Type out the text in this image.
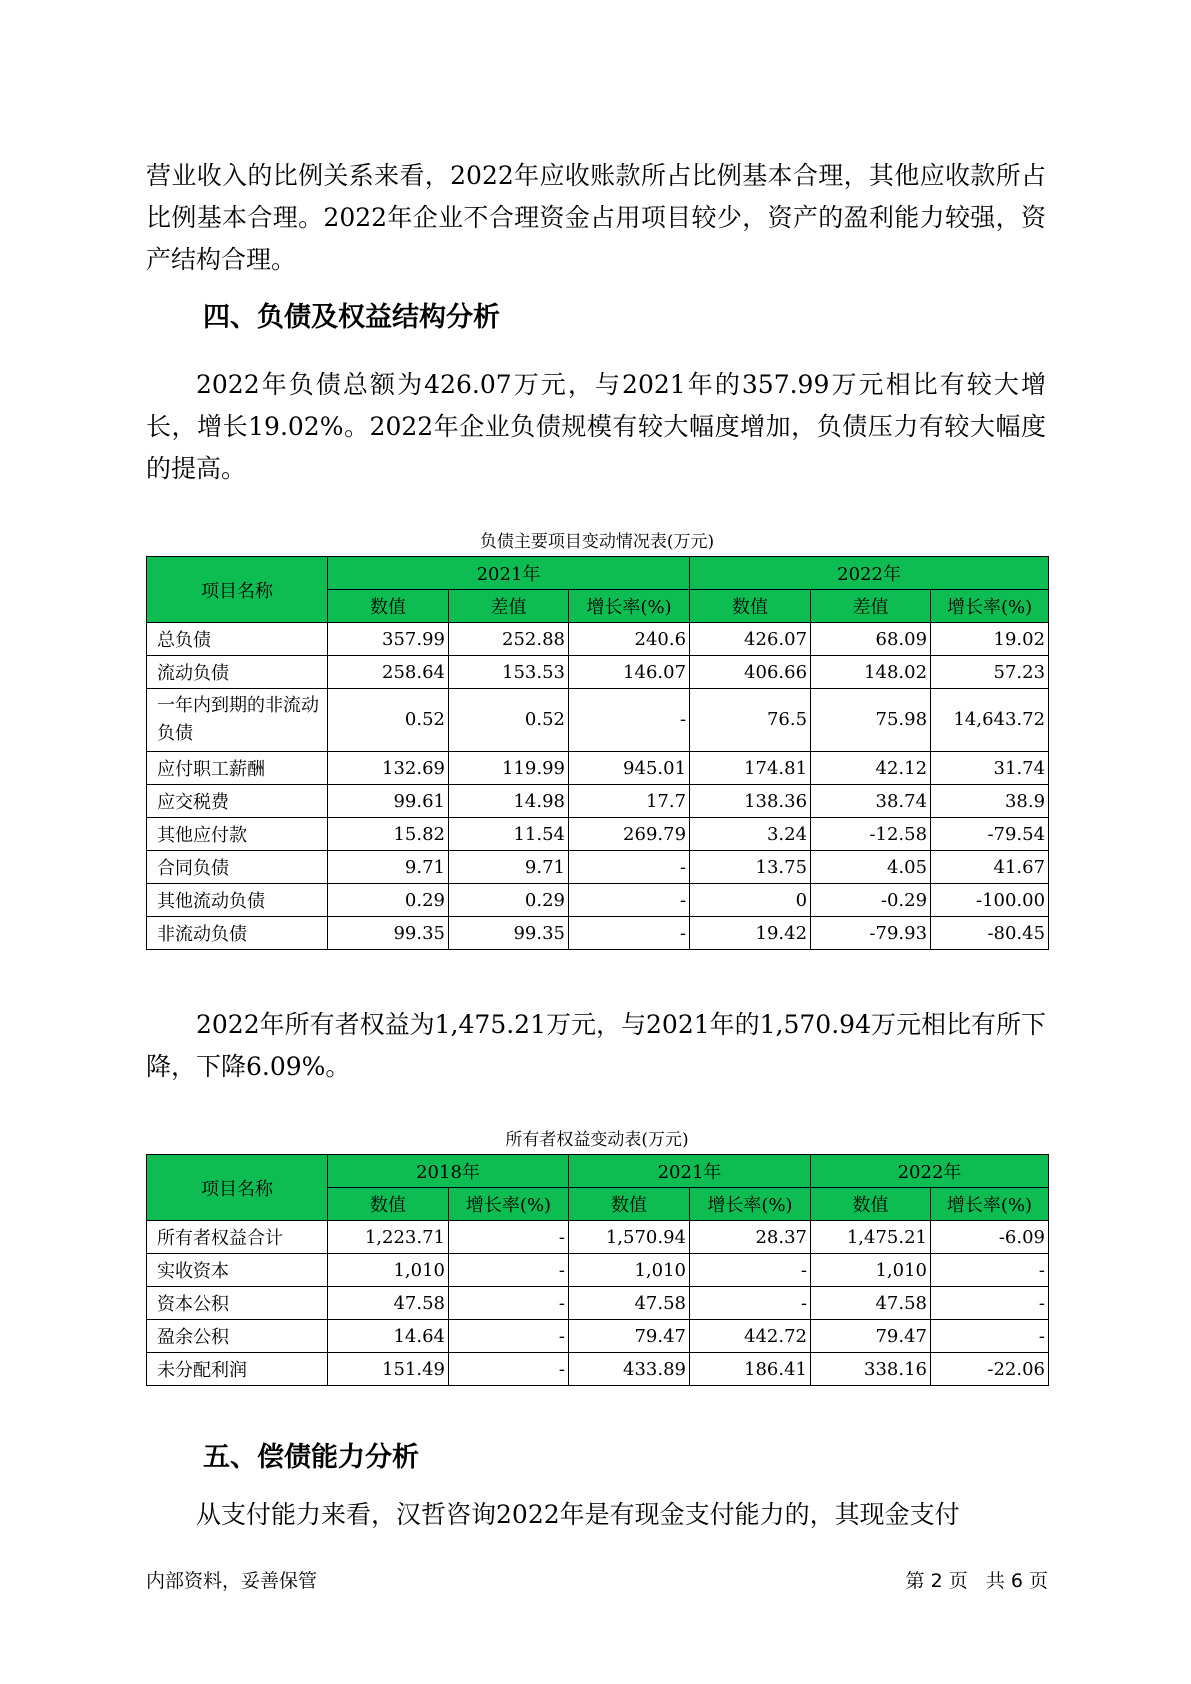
营业收入的比例关系来看，2022年应收账款所占比例基本合理，其他应收款所占比例基本合理。2022年企业不合理资金占用项目较少，资产的盈利能力较强，资产结构合理。

四、负债及权益结构分析

2022年负债总额为426.07万元，与2021年的357.99万元相比有较大增长，增长19.02%。2022年企业负债规模有较大幅度增加，负债压力有较大幅度的提高。

负债主要项目变动情况表(万元)
项目名称	2021年			2022年		
	数值	差值	增长率(%)	数值	差值	增长率(%)
总负债	357.99	252.88	240.6	426.07	68.09	19.02
流动负债	258.64	153.53	146.07	406.66	148.02	57.23
一年内到期的非流动负债	0.52	0.52	-	76.5	75.98	14,643.72
应付职工薪酬	132.69	119.99	945.01	174.81	42.12	31.74
应交税费	99.61	14.98	17.7	138.36	38.74	38.9
其他应付款	15.82	11.54	269.79	3.24	-12.58	-79.54
合同负债	9.71	9.71	-	13.75	4.05	41.67
其他流动负债	0.29	0.29	-	0	-0.29	-100.00
非流动负债	99.35	99.35	-	19.42	-79.93	-80.45

2022年所有者权益为1,475.21万元，与2021年的1,570.94万元相比有所下降，下降6.09%。

所有者权益变动表(万元)
项目名称	2018年		2021年		2022年	
	数值	增长率(%)	数值	增长率(%)	数值	增长率(%)
所有者权益合计	1,223.71	-	1,570.94	28.37	1,475.21	-6.09
实收资本	1,010	-	1,010	-	1,010	-
资本公积	47.58	-	47.58	-	47.58	-
盈余公积	14.64	-	79.47	442.72	79.47	-
未分配利润	151.49	-	433.89	186.41	338.16	-22.06
五、偿债能力分析

从支付能力来看，汉哲咨询2022年是有现金支付能力的，其现金支付

内部资料，妥善保管	第 2 页   共 6 页
